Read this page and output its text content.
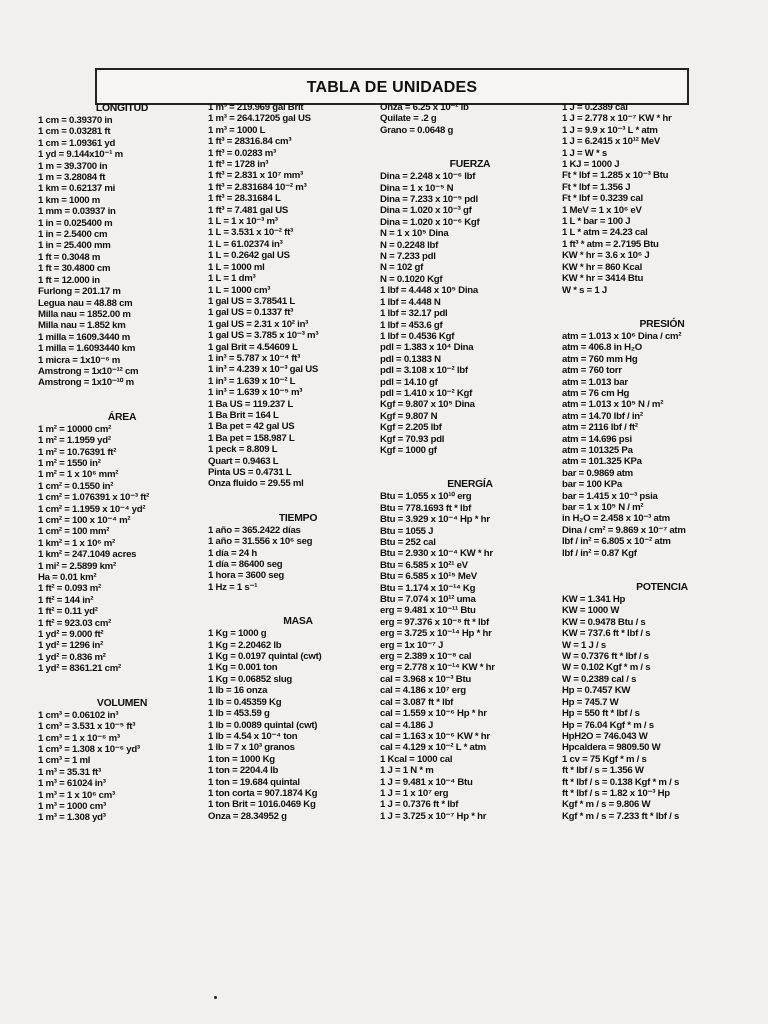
TABLA DE UNIDADES
LONGITUD
1 cm = 0.39370 in
1 cm = 0.03281 ft
1 cm = 1.09361 yd
1 yd = 9.144x10⁻¹ m
1 m = 39.3700 in
1 m = 3.28084 ft
1 km = 0.62137 mi
1 km = 1000 m
1 mm = 0.03937 in
1 in = 0.025400 m
1 in = 2.5400 cm
1 in = 25.400 mm
1 ft = 0.3048 m
1 ft = 30.4800 cm
1 ft = 12.000 in
Furlong = 201.17 m
Legua nau = 48.88 cm
Milla nau = 1852.00 m
Milla nau = 1.852 km
1 milla = 1609.3440 m
1 milla = 1.6093440 km
1 micra = 1x10⁻⁶ m
Amstrong = 1x10⁻¹² cm
Amstrong = 1x10⁻¹⁰ m
ÁREA
1 m² = 10000 cm²
1 m² = 1.1959 yd²
1 m² = 10.76391 ft²
1 m² = 1550 in²
1 m² = 1 x 10⁶ mm²
1 cm² = 0.1550 in²
1 cm² = 1.076391 x 10⁻³ ft²
1 cm² = 1.1959 x 10⁻⁴ yd²
1 cm² = 100 x 10⁻⁴ m²
1 cm² = 100 mm²
1 km² = 1 x 10⁶ m²
1 km² = 247.1049 acres
1 mi² = 2.5899 km²
Ha = 0.01 km²
1 ft² = 0.093 m²
1 ft² = 144 in²
1 ft² = 0.11 yd²
1 ft² = 923.03 cm²
1 yd² = 9.000 ft²
1 yd² = 1296 in²
1 yd² = 0.836 m²
1 yd² = 8361.21 cm²
VOLUMEN
1 cm³ = 0.06102 in³
1 cm³ = 3.531 x 10⁻⁵ ft³
1 cm³ = 1 x 10⁻⁶ m³
1 cm³ = 1.308 x 10⁻⁶ yd³
1 cm³ = 1 ml
1 m³ = 35.31 ft³
1 m³ = 61024 in³
1 m³ = 1 x 10⁶ cm³
1 m³ = 1000 cm³
1 m³ = 1.308 yd³
1 m³ = 219.969 gal Brit
1 m³ = 264.17205 gal US
1 m³ = 1000 L
1 ft³ = 28316.84 cm³
1 ft³ = 0.0283 m³
1 ft³ = 1728 in³
1 ft³ = 2.831 x 10⁷ mm³
1 ft³ = 2.831684 10⁻² m³
1 ft³ = 28.31684 L
1 ft³ = 7.481 gal US
1 L = 1 x 10⁻³ m³
1 L = 3.531 x 10⁻² ft³
1 L = 61.02374 in³
1 L = 0.2642 gal US
1 L = 1000 ml
1 L = 1 dm³
1 L = 1000 cm³
1 gal US = 3.78541 L
1 gal US = 0.1337 ft³
1 gal US = 2.31 x 10² in³
1 gal US = 3.785 x 10⁻³ m³
1 gal Brit = 4.54609 L
1 in³ = 5.787 x 10⁻⁴ ft³
1 in³ = 4.239 x 10⁻³ gal US
1 in³ = 1.639 x 10⁻² L
1 in³ = 1.639 x 10⁻⁵ m³
1 Ba US = 119.237 L
1 Ba Brit = 164 L
1 Ba pet = 42 gal US
1 Ba pet = 158.987 L
1 peck = 8.809 L
Quart = 0.9463 L
Pinta US = 0.4731 L
Onza fluido = 29.55 ml
TIEMPO
1 año = 365.2422 días
1 año = 31.556 x 10⁶ seg
1 día = 24 h
1 día = 86400 seg
1 hora = 3600 seg
1 Hz = 1 s⁻¹
MASA
1 Kg = 1000 g
1 Kg = 2.20462 lb
1 Kg = 0.0197 quintal (cwt)
1 Kg = 0.001 ton
1 Kg = 0.06852 slug
1 lb = 16 onza
1 lb = 0.45359 Kg
1 lb = 453.59 g
1 lb = 0.0089 quintal (cwt)
1 lb = 4.54 x 10⁻⁴ ton
1 lb = 7 x 10³ granos
1 ton = 1000 Kg
1 ton = 2204.4 lb
1 ton = 19.684 quintal
1 ton corta = 907.1874 Kg
1 ton Brit = 1016.0469 Kg
Onza = 28.34952 g
Onza = 6.25 x 10⁻² lb
Quilate = .2 g
Grano = 0.0648 g
FUERZA
Dina = 2.248 x 10⁻⁶ lbf
Dina = 1 x 10⁻⁵ N
Dina = 7.233 x 10⁻⁵ pdl
Dina = 1.020 x 10⁻³ gf
Dina = 1.020 x 10⁻⁶ Kgf
N = 1 x 10⁵ Dina
N = 0.2248 lbf
N = 7.233 pdl
N = 102 gf
N = 0.1020 Kgf
1 lbf = 4.448 x 10⁵ Dina
1 lbf = 4.448 N
1 lbf = 32.17 pdl
1 lbf = 453.6 gf
1 lbf = 0.4536 Kgf
pdl = 1.383 x 10⁴ Dina
pdl = 0.1383 N
pdl = 3.108 x 10⁻² lbf
pdl = 14.10 gf
pdl = 1.410 x 10⁻² Kgf
Kgf = 9.807 x 10⁵ Dina
Kgf = 9.807 N
Kgf = 2.205 lbf
Kgf = 70.93 pdl
Kgf = 1000 gf
ENERGÍA
Btu = 1.055 x 10¹⁰ erg
Btu = 778.1693 ft * lbf
Btu = 3.929 x 10⁻⁴ Hp * hr
Btu = 1055 J
Btu = 252 cal
Btu = 2.930 x 10⁻⁴ KW * hr
Btu = 6.585 x 10²¹ eV
Btu = 6.585 x 10¹⁵ MeV
Btu = 1.174 x 10⁻¹⁴ Kg
Btu = 7.074 x 10¹² uma
erg = 9.481 x 10⁻¹¹ Btu
erg = 97.376 x 10⁻⁸ ft * lbf
erg = 3.725 x 10⁻¹⁴ Hp * hr
erg = 1x 10⁻⁷ J
erg = 2.389 x 10⁻⁸ cal
erg = 2.778 x 10⁻¹⁴ KW * hr
cal = 3.968 x 10⁻³ Btu
cal = 4.186 x 10⁷ erg
cal = 3.087 ft * lbf
cal = 1.559 x 10⁻⁶ Hp * hr
cal = 4.186 J
cal = 1.163 x 10⁻⁶ KW * hr
cal = 4.129 x 10⁻² L * atm
1 Kcal = 1000 cal
1 J = 1 N * m
1 J = 9.481 x 10⁻⁴ Btu
1 J = 1 x 10⁷ erg
1 J = 0.7376 ft * lbf
1 J = 3.725 x 10⁻⁷ Hp * hr
1 J = 0.2389 cal
1 J = 2.778 x 10⁻⁷ KW * hr
1 J = 9.9 x 10⁻³ L * atm
1 J = 6.2415 x 10¹² MeV
1 J = W * s
1 KJ = 1000 J
Ft * lbf = 1.285 x 10⁻³ Btu
Ft * lbf = 1.356 J
Ft * lbf = 0.3239 cal
1 MeV = 1 x 10⁶ eV
1 L * bar = 100 J
1 L * atm = 24.23 cal
1 ft³ * atm = 2.7195 Btu
KW * hr = 3.6 x 10⁶ J
KW * hr = 860 Kcal
KW * hr = 3414 Btu
W * s = 1 J
PRESIÓN
atm = 1.013 x 10⁶ Dina / cm²
atm = 406.8 in H₂O
atm = 760 mm Hg
atm = 760 torr
atm = 1.013 bar
atm = 76 cm Hg
atm = 1.013 x 10⁵ N / m²
atm = 14.70 lbf / in²
atm = 2116 lbf / ft²
atm = 14.696 psi
atm = 101325 Pa
atm = 101.325 KPa
bar = 0.9869 atm
bar = 100 KPa
bar = 1.415 x 10⁻³ psia
bar = 1 x 10⁵ N / m²
in H₂O = 2.458 x 10⁻³ atm
Dina / cm² = 9.869 x 10⁻⁷ atm
lbf / in² = 6.805 x 10⁻² atm
lbf / in² = 0.87 Kgf
POTENCIA
KW = 1.341 Hp
KW = 1000 W
KW = 0.9478 Btu / s
KW = 737.6 ft * lbf / s
W = 1 J / s
W = 0.7376 ft * lbf / s
W = 0.102 Kgf * m / s
W = 0.2389 cal / s
Hp = 0.7457 KW
Hp = 745.7 W
Hp = 550 ft * lbf / s
Hp = 76.04 Kgf * m / s
HpH2O = 746.043 W
Hpcaldera = 9809.50 W
1 cv = 75 Kgf * m / s
ft * lbf / s = 1.356 W
ft * lbf / s = 0.138 Kgf * m / s
ft * lbf / s = 1.82 x 10⁻³ Hp
Kgf * m / s = 9.806 W
Kgf * m / s = 7.233 ft * lbf / s
